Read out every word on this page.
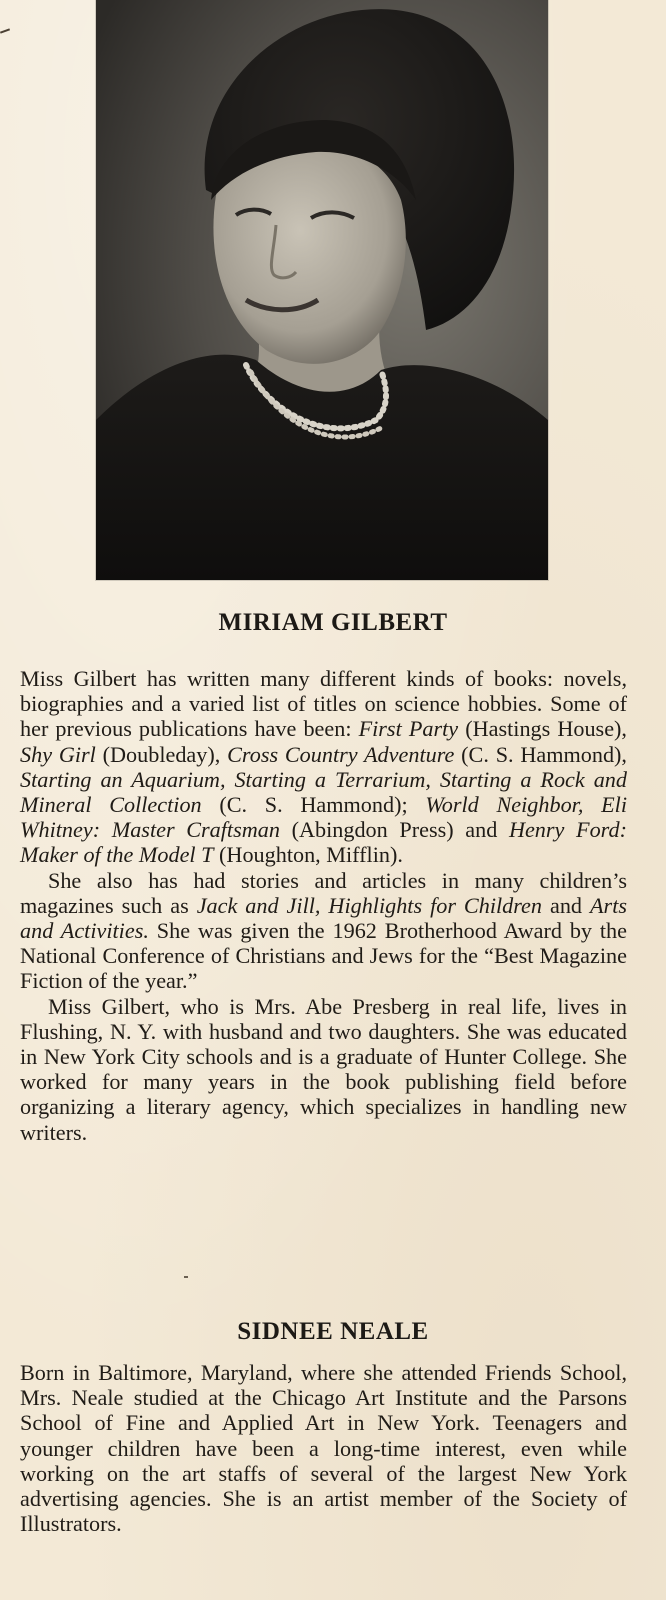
MIRIAM GILBERT

Miss Gilbert has written many different kinds of books: novels, biographies and a varied list of titles on science hobbies. Some of her previous publications have been: First Party (Hastings House), Shy Girl (Doubleday), Cross Country Adventure (C. S. Hammond), Starting an Aquarium, Starting a Terrarium, Starting a Rock and Mineral Collection (C. S. Hammond); World Neighbor, Eli Whitney: Master Craftsman (Abingdon Press) and Henry Ford: Maker of the Model T (Houghton, Mifflin).

She also has had stories and articles in many children’s magazines such as Jack and Jill, Highlights for Children and Arts and Activities. She was given the 1962 Brotherhood Award by the National Conference of Christians and Jews for the “Best Magazine Fiction of the year.”

Miss Gilbert, who is Mrs. Abe Presberg in real life, lives in Flushing, N. Y. with husband and two daughters. She was educated in New York City schools and is a graduate of Hunter College. She worked for many years in the book publishing field before organizing a literary agency, which specializes in handling new writers.

SIDNEE NEALE

Born in Baltimore, Maryland, where she attended Friends School, Mrs. Neale studied at the Chicago Art Institute and the Parsons School of Fine and Applied Art in New York. Teenagers and younger children have been a long-time interest, even while working on the art staffs of several of the largest New York advertising agencies. She is an artist member of the Society of Illustrators.
